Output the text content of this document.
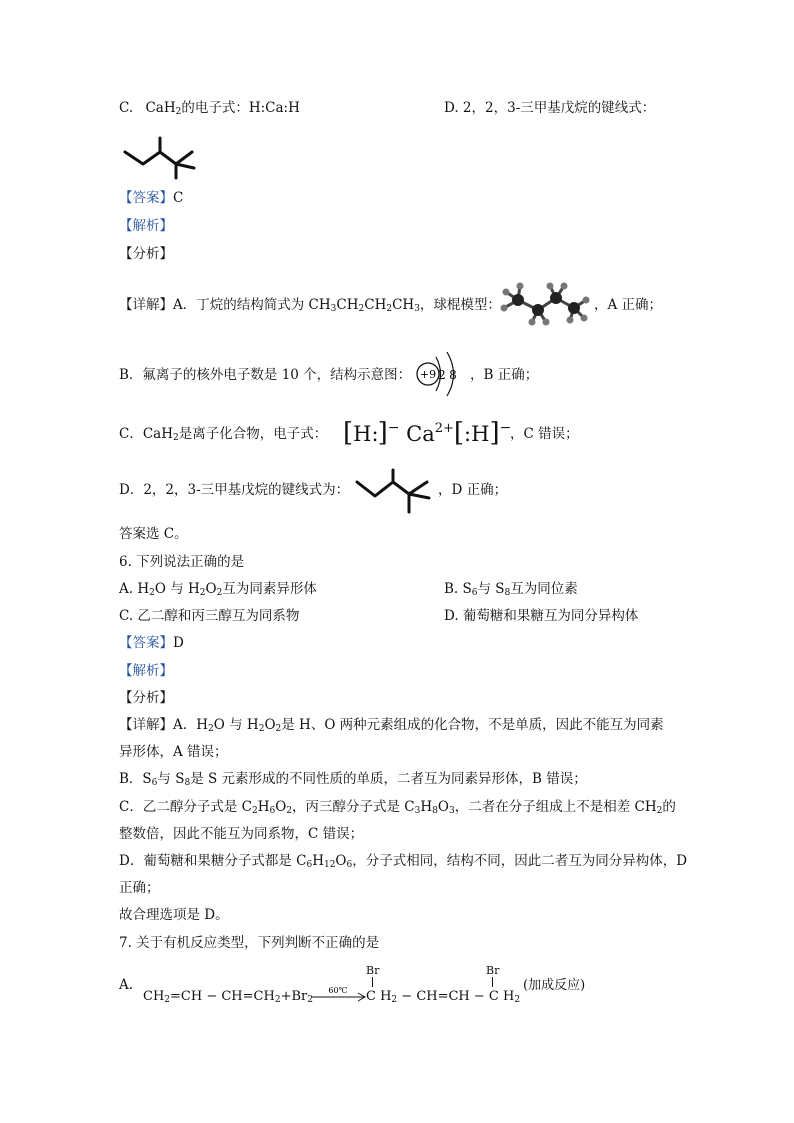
C. CaH$_2$的电子式：H:Ca:H	D. 2，2，3-三甲基戊烷的键线式：
【答案】C
【解析】
【分析】
【详解】A．丁烷的结构简式为 $CH_3CH_2CH_2CH_3$，球棍模型：	，A 正确；
B．氟离子的核外电子数是 10 个，结构示意图： +9 2 8 ，B 正确；
C．CaH$_2$是离子化合物，电子式： [H:]− $Ca^{2+}[:H]^-$
，C 错误；
D．2，2，3-三甲基戊烷的键线式为：	，D 正确；
答案选 C。
6. 下列说法正确的是
A. $H_2O$ 与 $H_2O_2$互为同素异形体	B. $S_6$与 $S_8$互为同位素
C. 乙二醇和丙三醇互为同系物	D. 葡萄糖和果糖互为同分异构体
【答案】D
【解析】
【分析】
【详解】A．$H_2O$ 与 $H_2O_2$是 H、O 两种元素组成的化合物，不是单质，因此不能互为同素
异形体，A 错误；
B．$S_6$与 $S_8$是 S 元素形成的不同性质的单质，二者互为同素异形体，B 错误；
C．乙二醇分子式是 $C_2H_6O_2$，丙三醇分子式是 $C_3H_8O_3$，二者在分子组成上不是相差 $CH_2$的
整数倍，因此不能互为同系物，C 错误；
D．葡萄糖和果糖分子式都是 $C_6H_{12}O_6$，分子式相同，结构不同，因此二者互为同分异构体，D
正确；
故合理选项是 D。
7. 关于有机反应类型，下列判断不正确的是
A.
$CH_2=CH - CH=CH_2+Br_2$
60℃
Br	Br
C $H_2 - CH=CH - C$ $H_2$
(加成反应)
